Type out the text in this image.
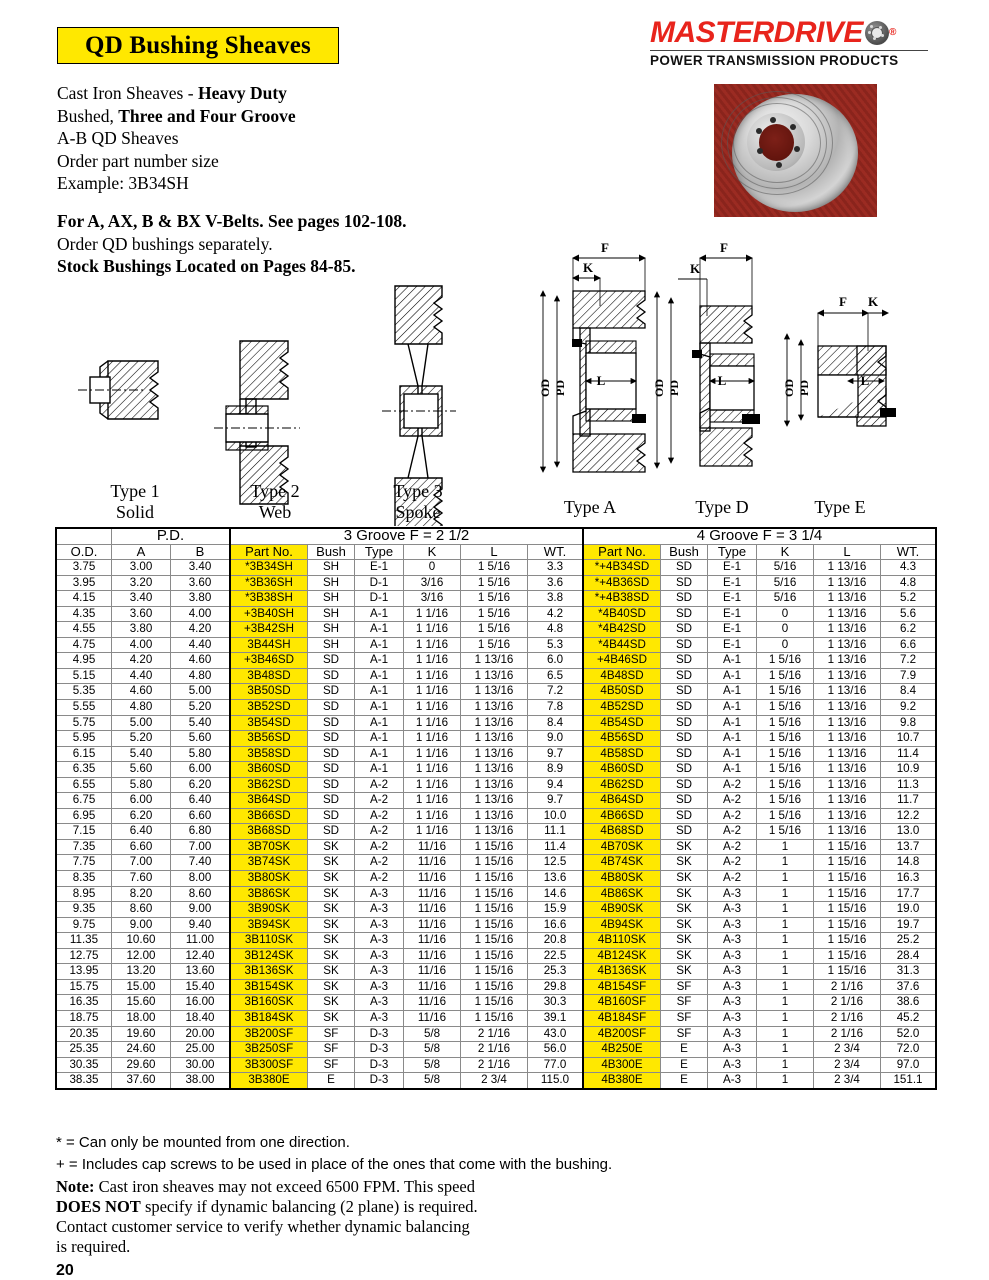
QD Bushing Sheaves	MASTERDRIVE	®
POWER TRANSMISSION PRODUCTS
Cast Iron Sheaves - Heavy Duty
Bushed, Three and Four Groove
A-B QD Sheaves
Order part number size
Example: 3B34SH
For A, AX, B & BX V-Belts. See pages 102-108.
Order QD bushings separately.
Stock Bushings Located on Pages 84-85.
F
K
OD PD L
F
K
OD PD	L
F K
OD PD	L
Type 1
Solid
Type 2
Web
Type 3
Spoke	Type A	Type D	Type E
	P.D.		3 Groove F = 2 1/2						4 Groove F = 3 1/4					
O.D.	A	B	Part No.	Bush	Type	K	L	WT.	Part No.	Bush	Type	K	L	WT.
3.75	3.00	3.40	*3B34SH	SH	E-1	0	1 5/16	3.3	*+4B34SD	SD	E-1	5/16	1 13/16	4.3
3.95	3.20	3.60	*3B36SH	SH	D-1	3/16	1 5/16	3.6	*+4B36SD	SD	E-1	5/16	1 13/16	4.8
4.15	3.40	3.80	*3B38SH	SH	D-1	3/16	1 5/16	3.8	*+4B38SD	SD	E-1	5/16	1 13/16	5.2
4.35	3.60	4.00	+3B40SH	SH	A-1	1 1/16	1 5/16	4.2	*4B40SD	SD	E-1	0	1 13/16	5.6
4.55	3.80	4.20	+3B42SH	SH	A-1	1 1/16	1 5/16	4.8	*4B42SD	SD	E-1	0	1 13/16	6.2
4.75	4.00	4.40	3B44SH	SH	A-1	1 1/16	1 5/16	5.3	*4B44SD	SD	E-1	0	1 13/16	6.6
4.95	4.20	4.60	+3B46SD	SD	A-1	1 1/16	1 13/16	6.0	+4B46SD	SD	A-1	1 5/16	1 13/16	7.2
5.15	4.40	4.80	3B48SD	SD	A-1	1 1/16	1 13/16	6.5	4B48SD	SD	A-1	1 5/16	1 13/16	7.9
5.35	4.60	5.00	3B50SD	SD	A-1	1 1/16	1 13/16	7.2	4B50SD	SD	A-1	1 5/16	1 13/16	8.4
5.55	4.80	5.20	3B52SD	SD	A-1	1 1/16	1 13/16	7.8	4B52SD	SD	A-1	1 5/16	1 13/16	9.2
5.75	5.00	5.40	3B54SD	SD	A-1	1 1/16	1 13/16	8.4	4B54SD	SD	A-1	1 5/16	1 13/16	9.8
5.95	5.20	5.60	3B56SD	SD	A-1	1 1/16	1 13/16	9.0	4B56SD	SD	A-1	1 5/16	1 13/16	10.7
6.15	5.40	5.80	3B58SD	SD	A-1	1 1/16	1 13/16	9.7	4B58SD	SD	A-1	1 5/16	1 13/16	11.4
6.35	5.60	6.00	3B60SD	SD	A-1	1 1/16	1 13/16	8.9	4B60SD	SD	A-1	1 5/16	1 13/16	10.9
6.55	5.80	6.20	3B62SD	SD	A-2	1 1/16	1 13/16	9.4	4B62SD	SD	A-2	1 5/16	1 13/16	11.3
6.75	6.00	6.40	3B64SD	SD	A-2	1 1/16	1 13/16	9.7	4B64SD	SD	A-2	1 5/16	1 13/16	11.7
6.95	6.20	6.60	3B66SD	SD	A-2	1 1/16	1 13/16	10.0	4B66SD	SD	A-2	1 5/16	1 13/16	12.2
7.15	6.40	6.80	3B68SD	SD	A-2	1 1/16	1 13/16	11.1	4B68SD	SD	A-2	1 5/16	1 13/16	13.0
7.35	6.60	7.00	3B70SK	SK	A-2	11/16	1 15/16	11.4	4B70SK	SK	A-2	1	1 15/16	13.7
7.75	7.00	7.40	3B74SK	SK	A-2	11/16	1 15/16	12.5	4B74SK	SK	A-2	1	1 15/16	14.8
8.35	7.60	8.00	3B80SK	SK	A-2	11/16	1 15/16	13.6	4B80SK	SK	A-2	1	1 15/16	16.3
8.95	8.20	8.60	3B86SK	SK	A-3	11/16	1 15/16	14.6	4B86SK	SK	A-3	1	1 15/16	17.7
9.35	8.60	9.00	3B90SK	SK	A-3	11/16	1 15/16	15.9	4B90SK	SK	A-3	1	1 15/16	19.0
9.75	9.00	9.40	3B94SK	SK	A-3	11/16	1 15/16	16.6	4B94SK	SK	A-3	1	1 15/16	19.7
11.35	10.60	11.00	3B110SK	SK	A-3	11/16	1 15/16	20.8	4B110SK	SK	A-3	1	1 15/16	25.2
12.75	12.00	12.40	3B124SK	SK	A-3	11/16	1 15/16	22.5	4B124SK	SK	A-3	1	1 15/16	28.4
13.95	13.20	13.60	3B136SK	SK	A-3	11/16	1 15/16	25.3	4B136SK	SK	A-3	1	1 15/16	31.3
15.75	15.00	15.40	3B154SK	SK	A-3	11/16	1 15/16	29.8	4B154SF	SF	A-3	1	2 1/16	37.6
16.35	15.60	16.00	3B160SK	SK	A-3	11/16	1 15/16	30.3	4B160SF	SF	A-3	1	2 1/16	38.6
18.75	18.00	18.40	3B184SK	SK	A-3	11/16	1 15/16	39.1	4B184SF	SF	A-3	1	2 1/16	45.2
20.35	19.60	20.00	3B200SF	SF	D-3	5/8	2 1/16	43.0	4B200SF	SF	A-3	1	2 1/16	52.0
25.35	24.60	25.00	3B250SF	SF	D-3	5/8	2 1/16	56.0	4B250E	E	A-3	1	2 3/4	72.0
30.35	29.60	30.00	3B300SF	SF	D-3	5/8	2 1/16	77.0	4B300E	E	A-3	1	2 3/4	97.0
38.35	37.60	38.00	3B380E	E	D-3	5/8	2 3/4	115.0	4B380E	E	A-3	1	2 3/4	151.1
* = Can only be mounted from one direction.
+ = Includes cap screws to be used in place of the ones that come with the bushing.
Note: Cast iron sheaves may not exceed 6500 FPM. This speed
DOES NOT specify if dynamic balancing (2 plane) is required.
Contact customer service to verify whether dynamic balancing
is required.
20
